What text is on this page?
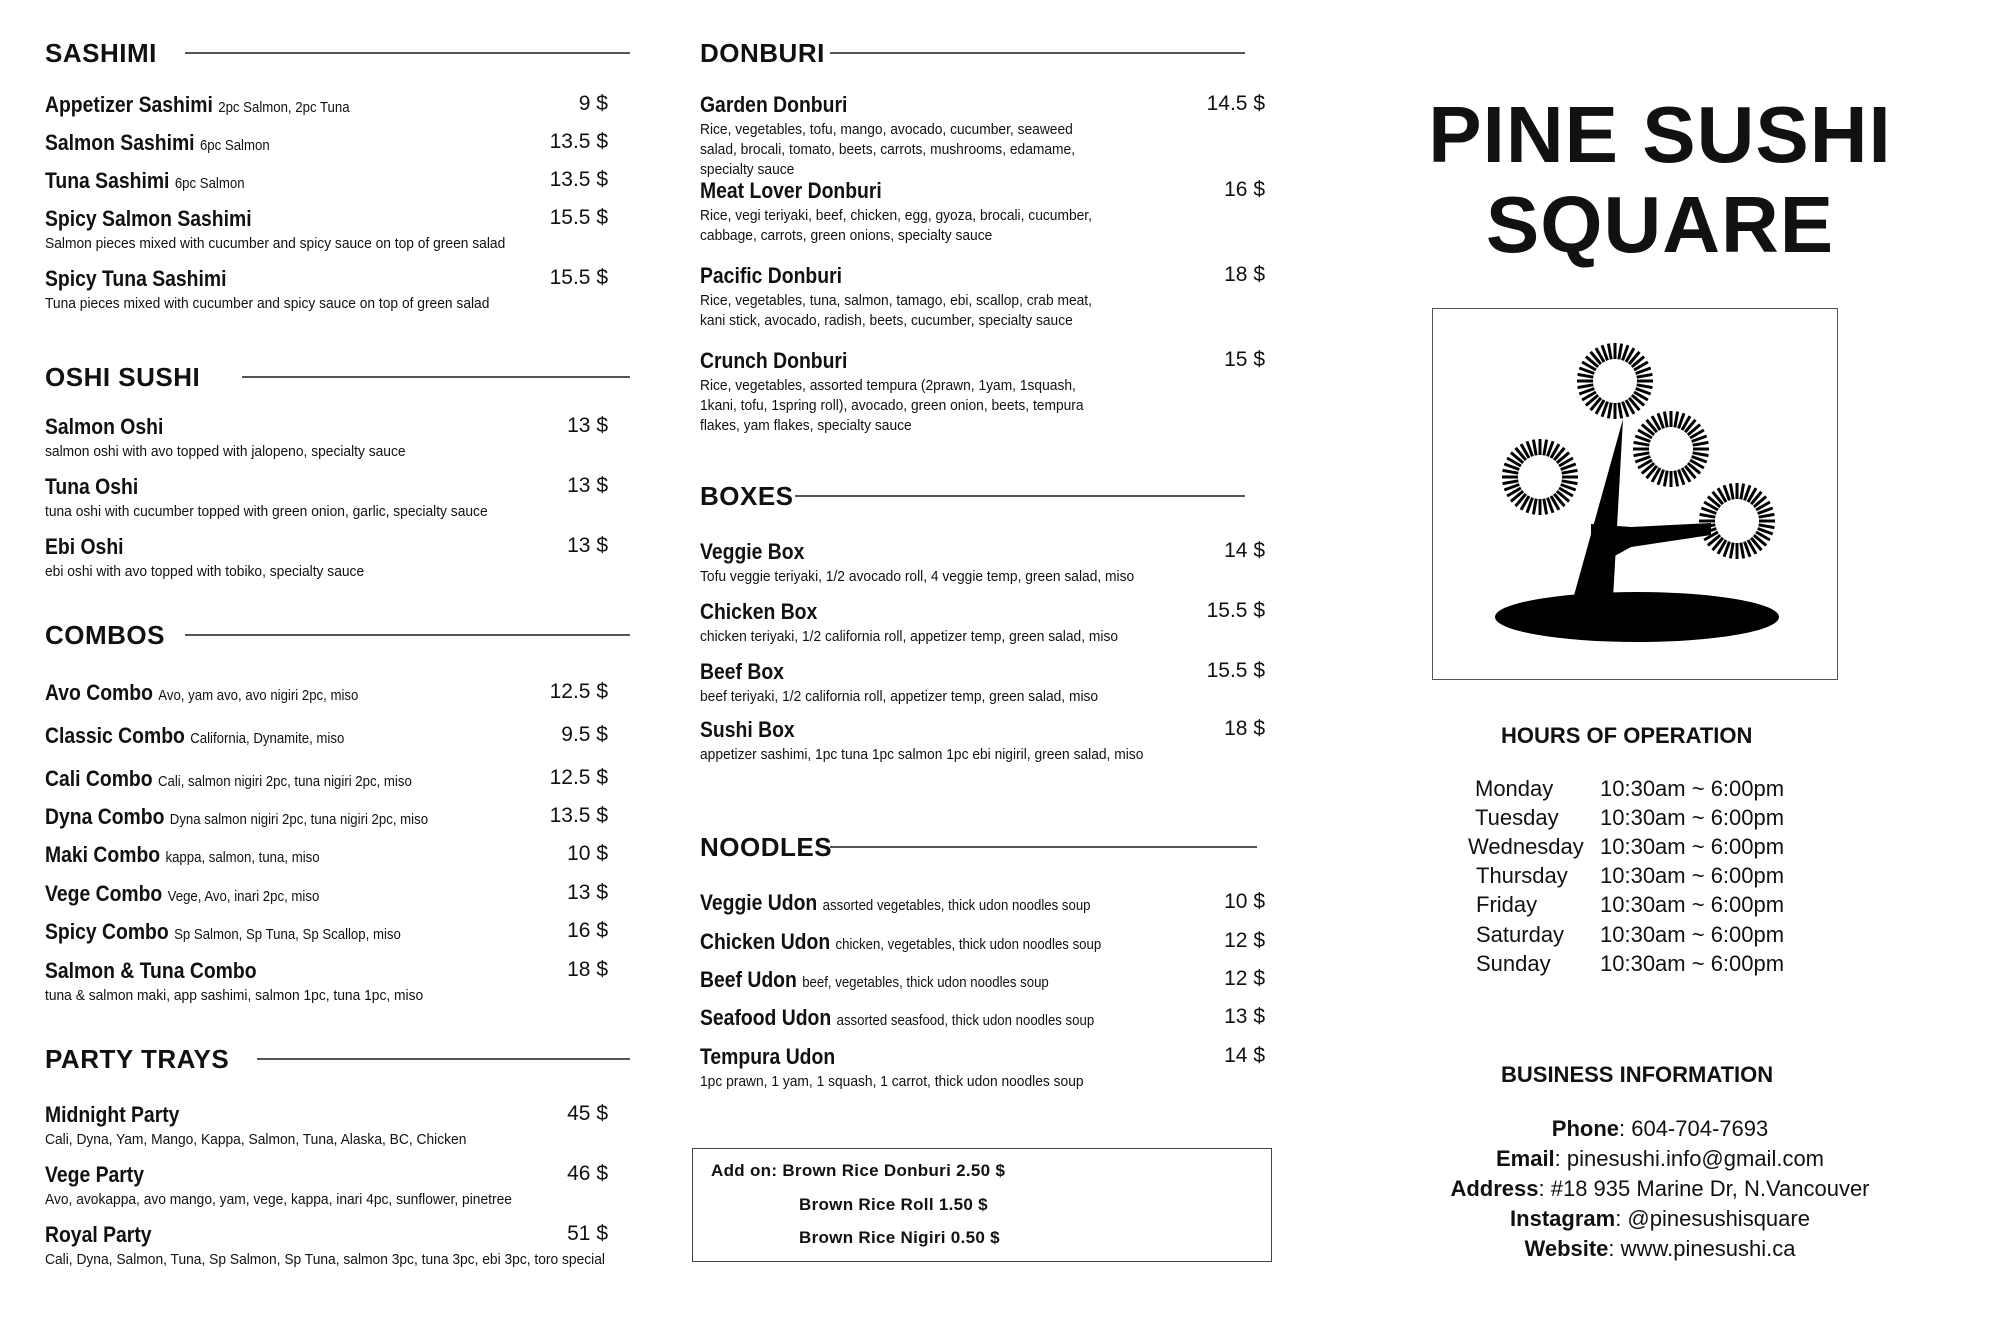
SASHIMI
Appetizer Sashimi 2pc Salmon, 2pc Tuna	9 $
Salmon Sashimi 6pc Salmon	13.5 $
Tuna Sashimi 6pc Salmon	13.5 $
Spicy Salmon Sashimi	15.5 $
Salmon pieces mixed with cucumber and spicy sauce on top of green salad
Spicy Tuna Sashimi	15.5 $
Tuna pieces mixed with cucumber and spicy sauce on top of green salad
OSHI SUSHI
Salmon Oshi	13 $
salmon oshi with avo topped with jalopeno, specialty sauce
Tuna Oshi	13 $
tuna oshi with cucumber topped with green onion, garlic, specialty sauce
Ebi Oshi	13 $
ebi oshi with avo topped with tobiko, specialty sauce
COMBOS
Avo Combo Avo, yam avo, avo nigiri 2pc, miso	12.5 $
Classic Combo California, Dynamite, miso	9.5 $
Cali Combo Cali, salmon nigiri 2pc, tuna nigiri 2pc, miso	12.5 $
Dyna Combo Dyna salmon nigiri 2pc, tuna nigiri 2pc, miso	13.5 $
Maki Combo kappa, salmon, tuna, miso	10 $
Vege Combo Vege, Avo, inari 2pc, miso	13 $
Spicy Combo Sp Salmon, Sp Tuna, Sp Scallop, miso	16 $
Salmon & Tuna Combo	18 $
tuna & salmon maki, app sashimi, salmon 1pc, tuna 1pc, miso
PARTY TRAYS
Midnight Party	45 $
Cali, Dyna, Yam, Mango, Kappa, Salmon, Tuna, Alaska, BC, Chicken
Vege Party	46 $
Avo, avokappa, avo mango, yam, vege, kappa, inari 4pc, sunflower, pinetree
Royal Party	51 $
Cali, Dyna, Salmon, Tuna, Sp Salmon, Sp Tuna, salmon 3pc, tuna 3pc, ebi 3pc, toro special
DONBURI
Garden Donburi	14.5 $
Rice, vegetables, tofu, mango, avocado, cucumber, seaweed salad, brocali, tomato, beets, carrots, mushrooms, edamame, specialty sauce
Meat Lover Donburi	16 $
Rice, vegi teriyaki, beef, chicken, egg, gyoza, brocali, cucumber, cabbage, carrots, green onions, specialty sauce
Pacific Donburi	18 $
Rice, vegetables, tuna, salmon, tamago, ebi, scallop, crab meat, kani stick, avocado, radish, beets, cucumber, specialty sauce
Crunch Donburi	15 $
Rice, vegetables, assorted tempura (2prawn, 1yam, 1squash, 1kani, tofu, 1spring roll), avocado, green onion, beets, tempura flakes, yam flakes, specialty sauce
BOXES
Veggie Box	14 $
Tofu veggie teriyaki, 1/2 avocado roll, 4 veggie temp, green salad, miso
Chicken Box	15.5 $
chicken teriyaki, 1/2 california roll, appetizer temp, green salad, miso
Beef Box	15.5 $
beef teriyaki, 1/2 california roll, appetizer temp, green salad, miso
Sushi Box	18 $
appetizer sashimi, 1pc tuna 1pc salmon 1pc ebi nigiril, green salad, miso
NOODLES
Veggie Udon assorted vegetables, thick udon noodles soup	10 $
Chicken Udon chicken, vegetables, thick udon noodles soup	12 $
Beef Udon beef, vegetables, thick udon noodles soup	12 $
Seafood Udon assorted seasfood, thick udon noodles soup	13 $
Tempura Udon	14 $
1pc prawn, 1 yam, 1 squash, 1 carrot, thick udon noodles soup
Add on: Brown Rice Donburi 2.50 $
Brown Rice Roll 1.50 $
Brown Rice Nigiri 0.50 $
PINE SUSHI
SQUARE
HOURS OF OPERATION
Monday 10:30am ~ 6:00pm
Tuesday 10:30am ~ 6:00pm
Wednesday 10:30am ~ 6:00pm
Thursday 10:30am ~ 6:00pm
Friday	10:30am ~ 6:00pm
Saturday 10:30am ~ 6:00pm
Sunday 10:30am ~ 6:00pm
BUSINESS INFORMATION
Phone: 604-704-7693
Email: pinesushi.info@gmail.com
Address: #18 935 Marine Dr, N.Vancouver
Instagram: @pinesushisquare
Website: www.pinesushi.ca
